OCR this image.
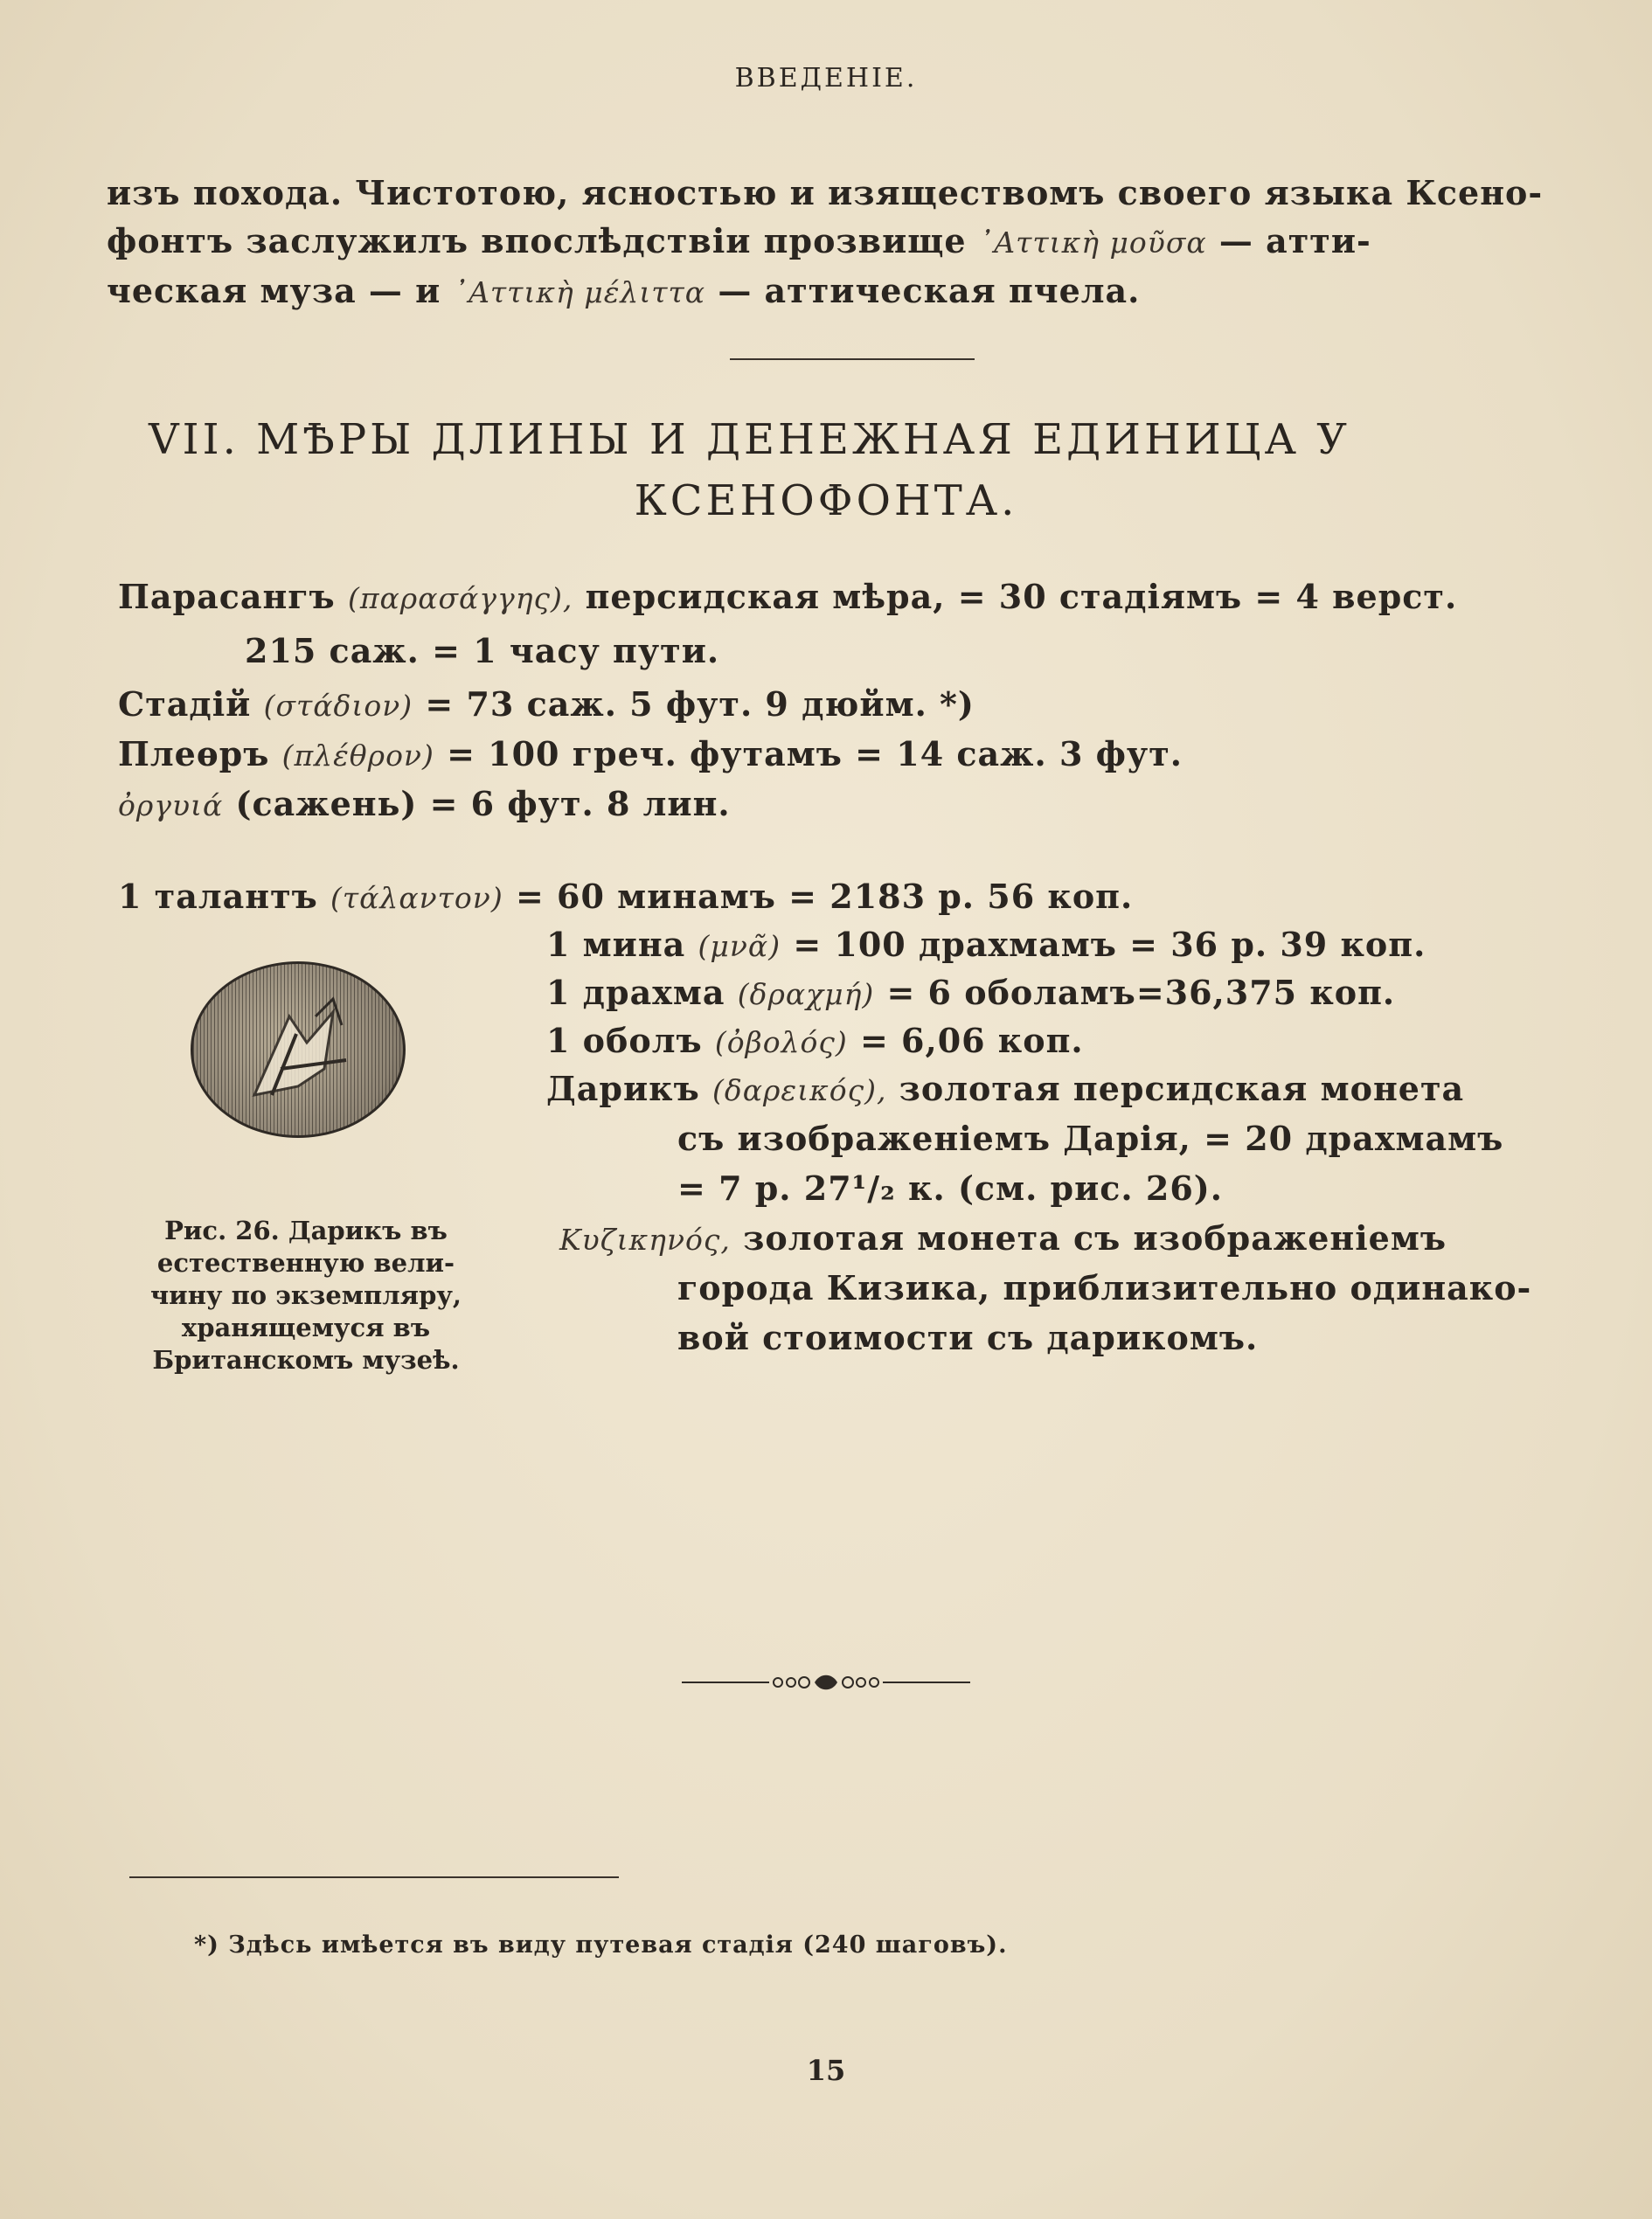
ВВЕДЕНІЕ.
изъ похода. Чистотою, ясностью и изяществомъ своего языка Ксено-
фонтъ заслужилъ впослѣдствіи прозвище ᾿Αττικὴ μοῦσα — атти-
ческая муза — и ᾿Αττικὴ μέλιττα — аттическая пчела.
VII. МѢРЫ ДЛИНЫ И ДЕНЕЖНАЯ ЕДИНИЦА У
КСЕНОФОНТА.
Парасангъ (παρασάγγης), персидская мѣра, = 30 стадіямъ = 4 верст.
215 саж. = 1 часу пути.
Стадій (στάδιον) = 73 саж. 5 фут. 9 дюйм. *)
Плеѳръ (πλέθρον) = 100 греч. футамъ = 14 саж. 3 фут.
ὀργυιά (сажень) = 6 фут. 8 лин.
1 талантъ (τάλαντον) = 60 минамъ = 2183 р. 56 коп.
1 мина (μνᾶ) = 100 драхмамъ = 36 р. 39 коп.
1 драхма (δραχμή) = 6 оболамъ=36,375 коп.
1 оболъ (ὀβολός) = 6,06 коп.
Дарикъ (δαρεικός), золотая персидская монета
съ изображеніемъ Дарія, = 20 драхмамъ
= 7 р. 27¹/₂ к. (см. рис. 26).
Κυζικηνός, золотая монета съ изображеніемъ
города Кизика, приблизительно одинако-
вой стоимости съ дарикомъ.
Рис. 26. Дарикъ въ
естественную вели-
чину по экземпляру,
хранящемуся въ
Британскомъ музеѣ.
*) Здѣсь имѣется въ виду путевая стадія (240 шаговъ).
15
